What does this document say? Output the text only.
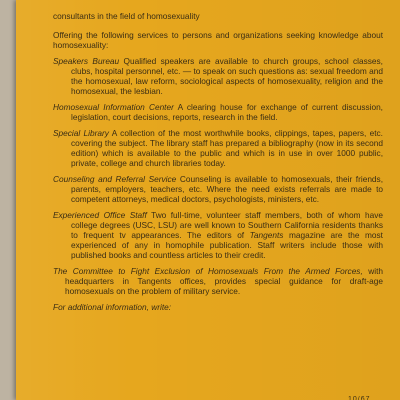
consultants in the field of homosexuality

Offering the following services to persons and organizations seeking knowledge about homosexuality:

Speakers Bureau Qualified speakers are available to church groups, school classes, clubs, hospital personnel, etc. — to speak on such questions as: sexual freedom and the homosexual, law reform, sociological aspects of homosexuality, religion and the homosexual, the lesbian.

Homosexual Information Center A clearing house for exchange of current discussion, legislation, court decisions, reports, research in the field.

Special Library A collection of the most worthwhile books, clippings, tapes, papers, etc. covering the subject. The library staff has prepared a bibliography (now in its second edition) which is available to the public and which is in use in over 1000 public, private, college and church libraries today.

Counseling and Referral Service Counseling is available to homosexuals, their friends, parents, employers, teachers, etc. Where the need exists referrals are made to competent attorneys, medical doctors, psychologists, ministers, etc.

Experienced Office Staff Two full-time, volunteer staff members, both of whom have college degrees (USC, LSU) are well known to Southern California residents thanks to frequent tv appearances. The editors of Tangents magazine are the most experienced of any in homophile publication. Staff writers include those with published books and countless articles to their credit.

The Committee to Fight Exclusion of Homosexuals From the Armed Forces, with headquarters in Tangents offices, provides special guidance for draft-age homosexuals on the problem of military service.

For additional information, write:

10/67
